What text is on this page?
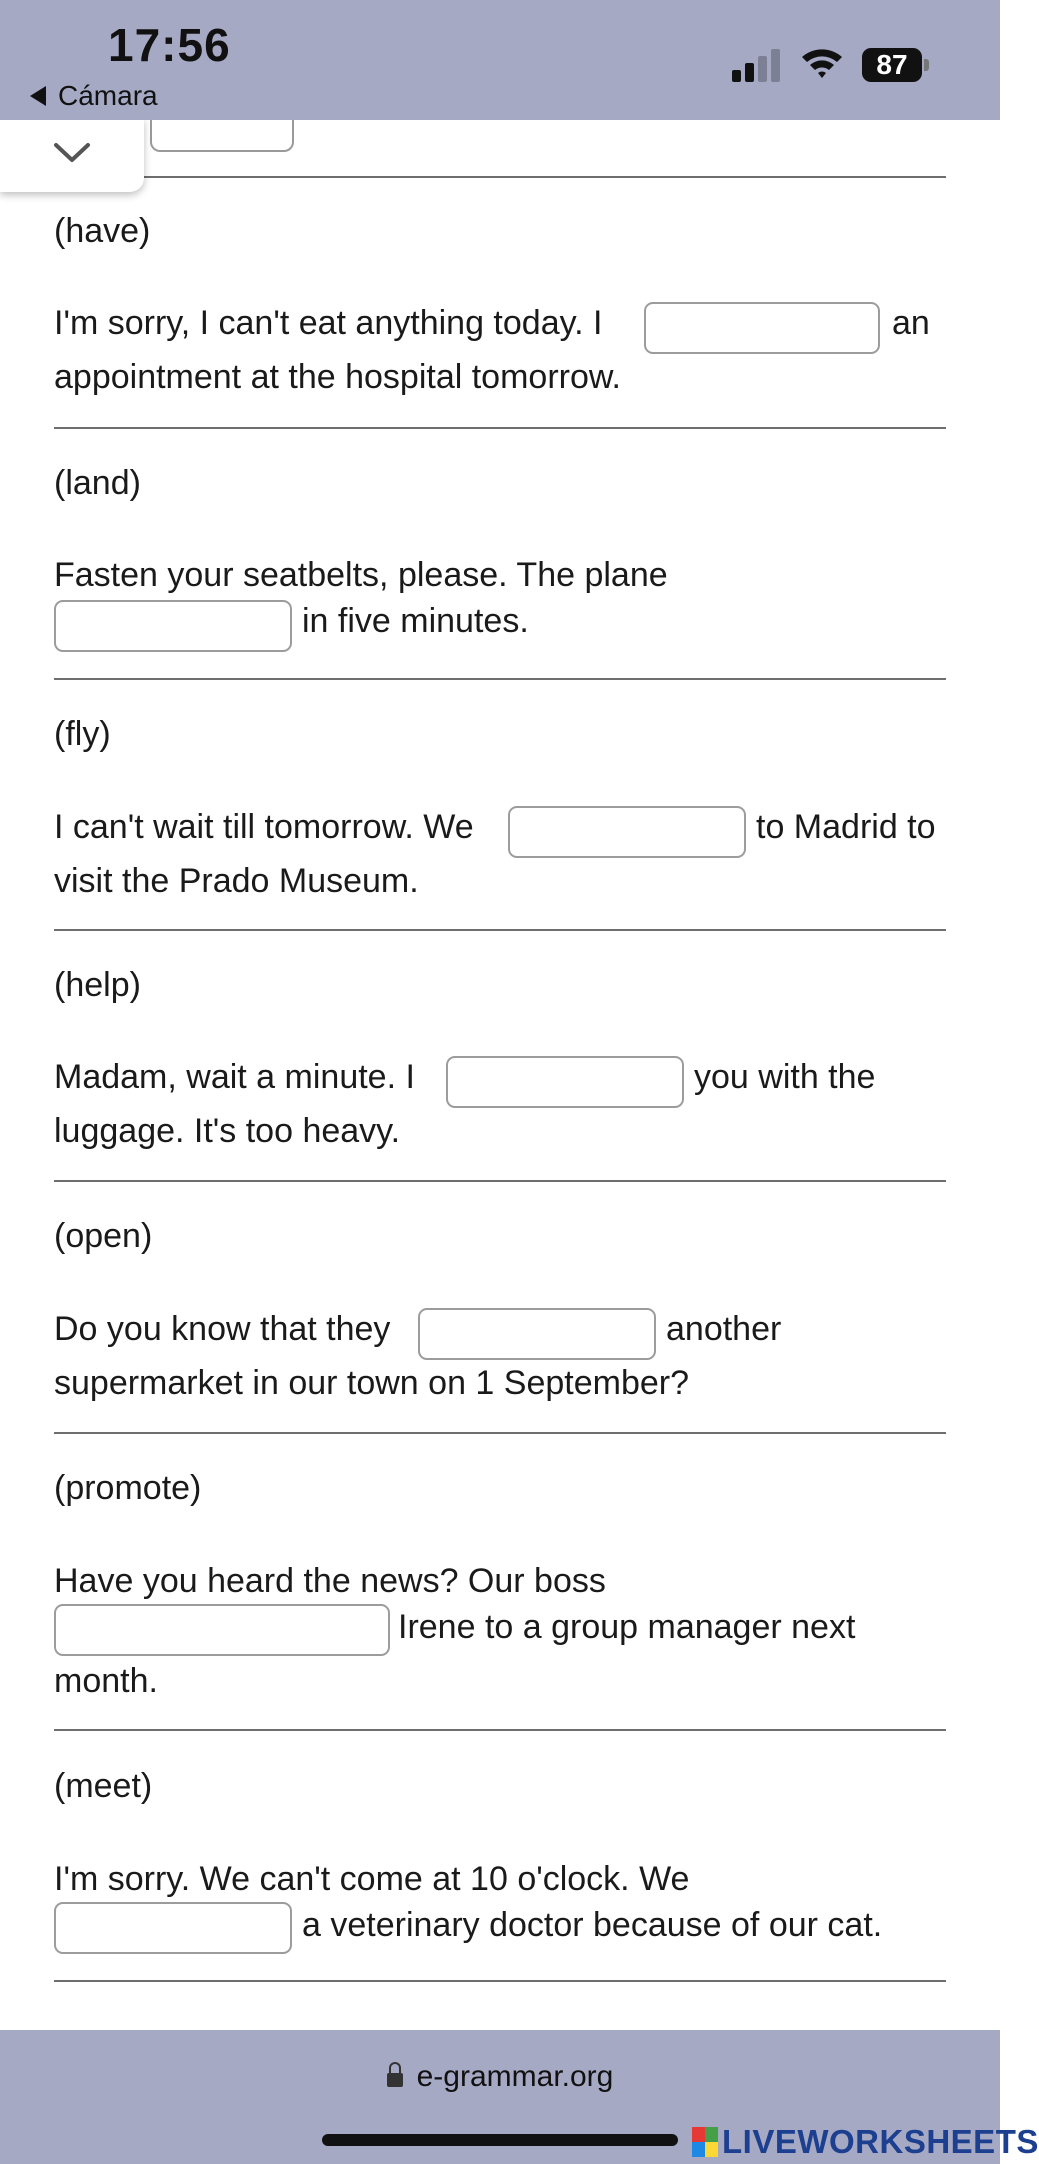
(have)
I'm sorry, I can't eat anything today. I	an
appointment at the hospital tomorrow.
(land)
Fasten your seatbelts, please. The plane
in five minutes.
(fly)
I can't wait till tomorrow. We	to Madrid to
visit the Prado Museum.
(help)
Madam, wait a minute. I	you with the
luggage. It's too heavy.
(open)
Do you know that they	another
supermarket in our town on 1 September?
(promote)
Have you heard the news? Our boss
Irene to a group manager next
month.
(meet)
I'm sorry. We can't come at 10 o'clock. We
a veterinary doctor because of our cat.
17:56
Cámara
87
e-grammar.org
LIVEWORKSHEETS
